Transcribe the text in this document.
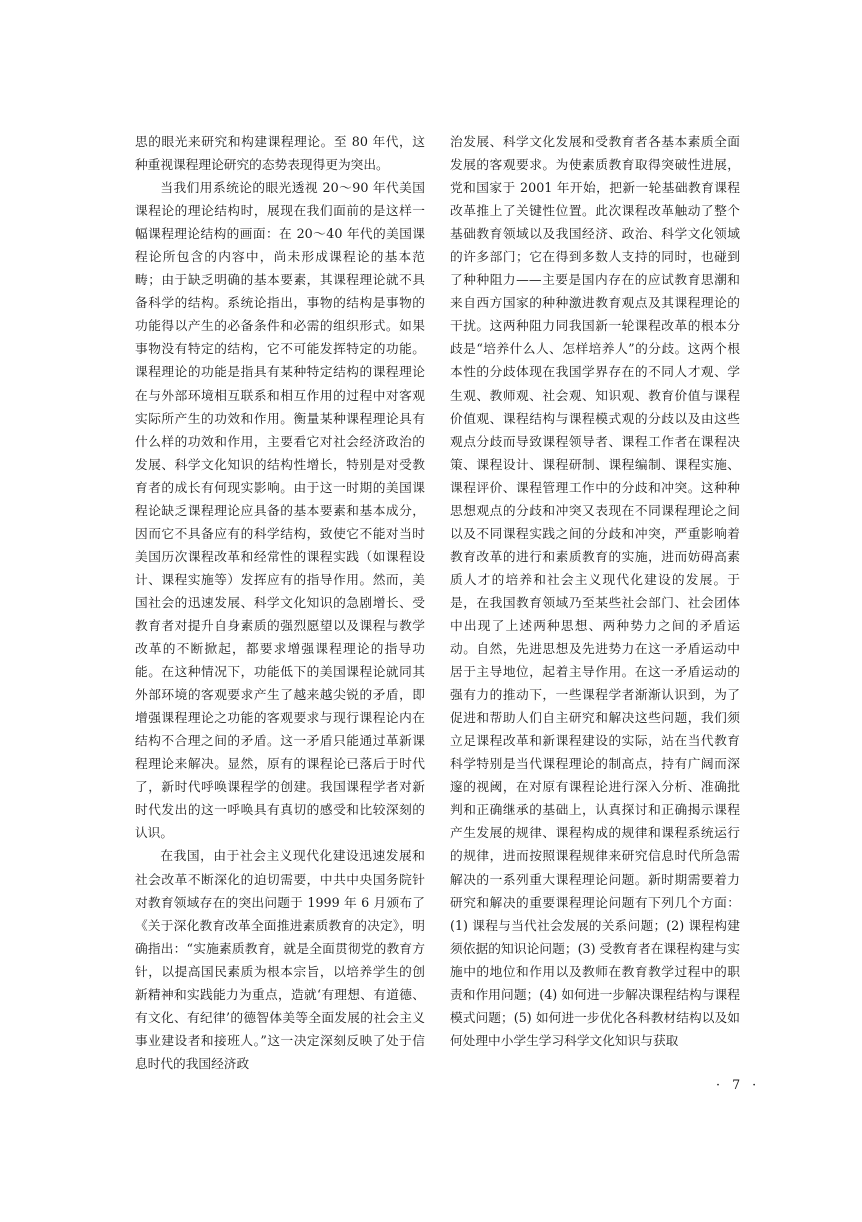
思的眼光来研究和构建课程理论。至 80 年代，这种重视课程理论研究的态势表现得更为突出。

当我们用系统论的眼光透视 20～90 年代美国课程论的理论结构时，展现在我们面前的是这样一幅课程理论结构的画面：在 20～40 年代的美国课程论所包含的内容中，尚未形成课程论的基本范畴；由于缺乏明确的基本要素，其课程理论就不具备科学的结构。系统论指出，事物的结构是事物的功能得以产生的必备条件和必需的组织形式。如果事物没有特定的结构，它不可能发挥特定的功能。课程理论的功能是指具有某种特定结构的课程理论在与外部环境相互联系和相互作用的过程中对客观实际所产生的功效和作用。衡量某种课程理论具有什么样的功效和作用，主要看它对社会经济政治的发展、科学文化知识的结构性增长，特别是对受教育者的成长有何现实影响。由于这一时期的美国课程论缺乏课程理论应具备的基本要素和基本成分，因而它不具备应有的科学结构，致使它不能对当时美国历次课程改革和经常性的课程实践（如课程设计、课程实施等）发挥应有的指导作用。然而，美国社会的迅速发展、科学文化知识的急剧增长、受教育者对提升自身素质的强烈愿望以及课程与教学改革的不断掀起，都要求增强课程理论的指导功能。在这种情况下，功能低下的美国课程论就同其外部环境的客观要求产生了越来越尖锐的矛盾，即增强课程理论之功能的客观要求与现行课程论内在结构不合理之间的矛盾。这一矛盾只能通过革新课程理论来解决。显然，原有的课程论已落后于时代了，新时代呼唤课程学的创建。我国课程学者对新时代发出的这一呼唤具有真切的感受和比较深刻的认识。

在我国，由于社会主义现代化建设迅速发展和社会改革不断深化的迫切需要，中共中央国务院针对教育领域存在的突出问题于 1999 年 6 月颁布了《关于深化教育改革全面推进素质教育的决定》，明确指出：“实施素质教育，就是全面贯彻党的教育方针，以提高国民素质为根本宗旨，以培养学生的创新精神和实践能力为重点，造就‘有理想、有道德、有文化、有纪律’的德智体美等全面发展的社会主义事业建设者和接班人。”这一决定深刻反映了处于信息时代的我国经济政

治发展、科学文化发展和受教育者各基本素质全面发展的客观要求。为使素质教育取得突破性进展，党和国家于 2001 年开始，把新一轮基础教育课程改革推上了关键性位置。此次课程改革触动了整个基础教育领域以及我国经济、政治、科学文化领域的许多部门；它在得到多数人支持的同时，也碰到了种种阻力——主要是国内存在的应试教育思潮和来自西方国家的种种激进教育观点及其课程理论的干扰。这两种阻力同我国新一轮课程改革的根本分歧是“培养什么人、怎样培养人”的分歧。这两个根本性的分歧体现在我国学界存在的不同人才观、学生观、教师观、社会观、知识观、教育价值与课程价值观、课程结构与课程模式观的分歧以及由这些观点分歧而导致课程领导者、课程工作者在课程决策、课程设计、课程研制、课程编制、课程实施、课程评价、课程管理工作中的分歧和冲突。这种种思想观点的分歧和冲突又表现在不同课程理论之间以及不同课程实践之间的分歧和冲突，严重影响着教育改革的进行和素质教育的实施，进而妨碍高素质人才的培养和社会主义现代化建设的发展。于是，在我国教育领域乃至某些社会部门、社会团体中出现了上述两种思想、两种势力之间的矛盾运动。自然，先进思想及先进势力在这一矛盾运动中居于主导地位，起着主导作用。在这一矛盾运动的强有力的推动下，一些课程学者渐渐认识到，为了促进和帮助人们自主研究和解决这些问题，我们须立足课程改革和新课程建设的实际，站在当代教育科学特别是当代课程理论的制高点，持有广阔而深邃的视阈，在对原有课程论进行深入分析、准确批判和正确继承的基础上，认真探讨和正确揭示课程产生发展的规律、课程构成的规律和课程系统运行的规律，进而按照课程规律来研究信息时代所急需解决的一系列重大课程理论问题。新时期需要着力研究和解决的重要课程理论问题有下列几个方面：(1) 课程与当代社会发展的关系问题；(2) 课程构建须依据的知识论问题；(3) 受教育者在课程构建与实施中的地位和作用以及教师在教育教学过程中的职责和作用问题；(4) 如何进一步解决课程结构与课程模式问题；(5) 如何进一步优化各科教材结构以及如何处理中小学生学习科学文化知识与获取

· 7 ·
